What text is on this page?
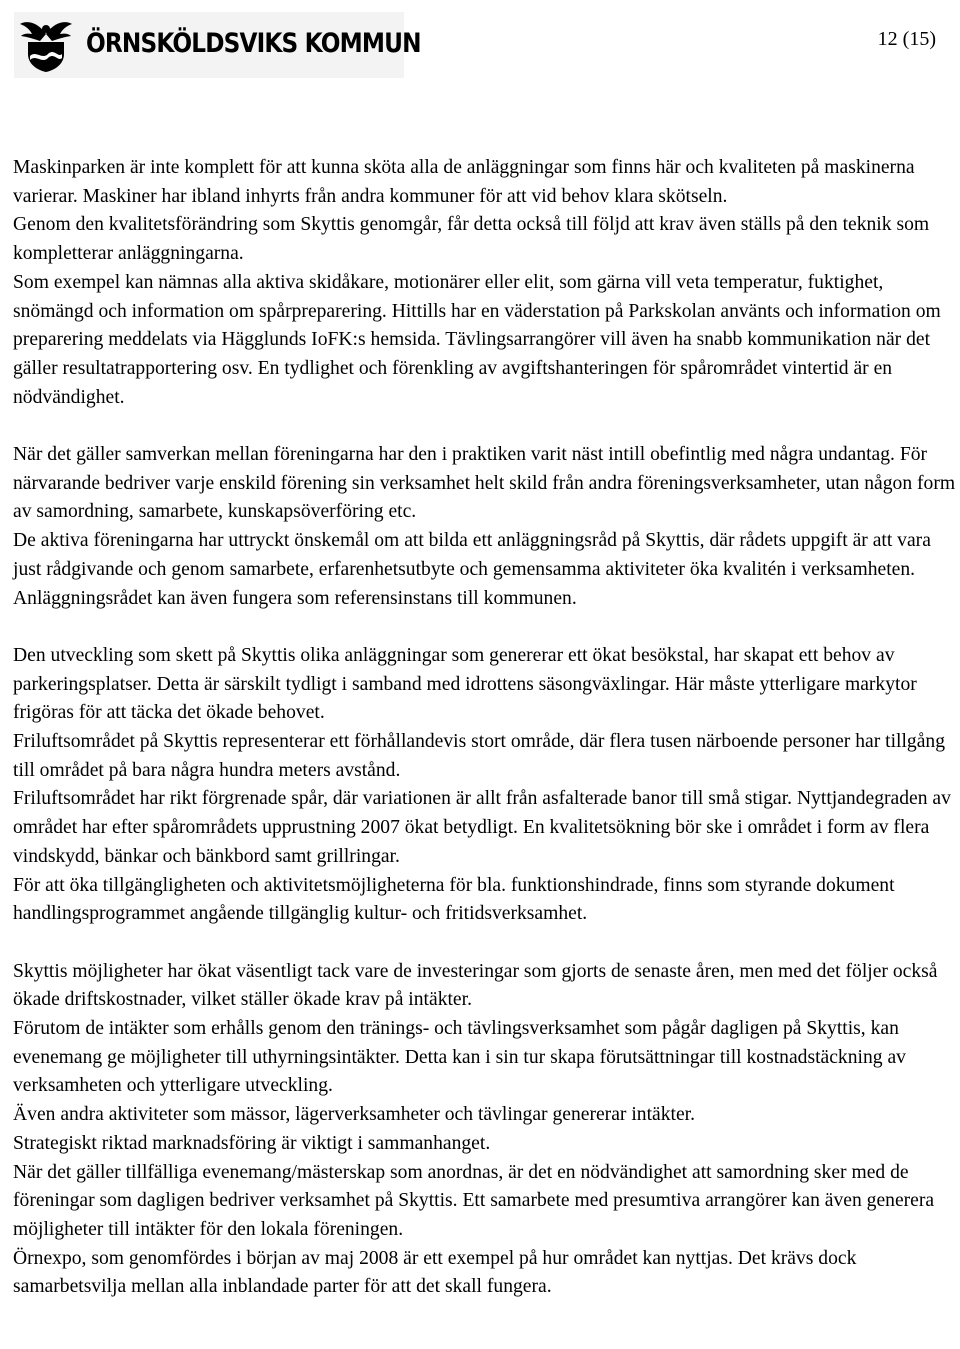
ÖRNSKÖLDSVIKS KOMMUN	12 (15)

Maskinparken är inte komplett för att kunna sköta alla de anläggningar som finns här och kvaliteten på maskinerna varierar. Maskiner har ibland inhyrts från andra kommuner för att vid behov klara skötseln.

Genom den kvalitetsförändring som Skyttis genomgår, får detta också till följd att krav även ställs på den teknik som kompletterar anläggningarna.

Som exempel kan nämnas alla aktiva skidåkare, motionärer eller elit, som gärna vill veta temperatur, fuktighet, snömängd och information om spårpreparering. Hittills har en väderstation på Parkskolan använts och information om preparering meddelats via Hägglunds IoFK:s hemsida. Tävlingsarrangörer vill även ha snabb kommunikation när det gäller resultatrapportering osv. En tydlighet och förenkling av avgiftshanteringen för spårområdet vintertid är en nödvändighet.

När det gäller samverkan mellan föreningarna har den i praktiken varit näst intill obefintlig med några undantag. För närvarande bedriver varje enskild förening sin verksamhet helt skild från andra föreningsverksamheter, utan någon form av samordning, samarbete, kunskapsöverföring etc.

De aktiva föreningarna har uttryckt önskemål om att bilda ett anläggningsråd på Skyttis, där rådets uppgift är att vara just rådgivande och genom samarbete, erfarenhetsutbyte och gemensamma aktiviteter öka kvalitén i verksamheten. Anläggningsrådet kan även fungera som referensinstans till kommunen.

Den utveckling som skett på Skyttis olika anläggningar som genererar ett ökat besökstal, har skapat ett behov av parkeringsplatser. Detta är särskilt tydligt i samband med idrottens säsongväxlingar. Här måste ytterligare markytor frigöras för att täcka det ökade behovet.

Friluftsområdet på Skyttis representerar ett förhållandevis stort område, där flera tusen närboende personer har tillgång till området på bara några hundra meters avstånd.

Friluftsområdet har rikt förgrenade spår, där variationen är allt från asfalterade banor till små stigar. Nyttjandegraden av området har efter spårområdets upprustning 2007 ökat betydligt. En kvalitetsökning bör ske i området i form av flera vindskydd, bänkar och bänkbord samt grillringar.

För att öka tillgängligheten och aktivitetsmöjligheterna för bla. funktionshindrade, finns som styrande dokument handlingsprogrammet angående tillgänglig kultur- och fritidsverksamhet.

Skyttis möjligheter har ökat väsentligt tack vare de investeringar som gjorts de senaste åren, men med det följer också ökade driftskostnader, vilket ställer ökade krav på intäkter.

Förutom de intäkter som erhålls genom den tränings- och tävlingsverksamhet som pågår dagligen på Skyttis, kan evenemang ge möjligheter till uthyrningsintäkter. Detta kan i sin tur skapa förutsättningar till kostnadstäckning av verksamheten och ytterligare utveckling.

Även andra aktiviteter som mässor, lägerverksamheter och tävlingar genererar intäkter.

Strategiskt riktad marknadsföring är viktigt i sammanhanget.

När det gäller tillfälliga evenemang/mästerskap som anordnas, är det en nödvändighet att samordning sker med de föreningar som dagligen bedriver verksamhet på Skyttis. Ett samarbete med presumtiva arrangörer kan även generera möjligheter till intäkter för den lokala föreningen.

Örnexpo, som genomfördes i början av maj 2008 är ett exempel på hur området kan nyttjas. Det krävs dock samarbetsvilja mellan alla inblandade parter för att det skall fungera.
